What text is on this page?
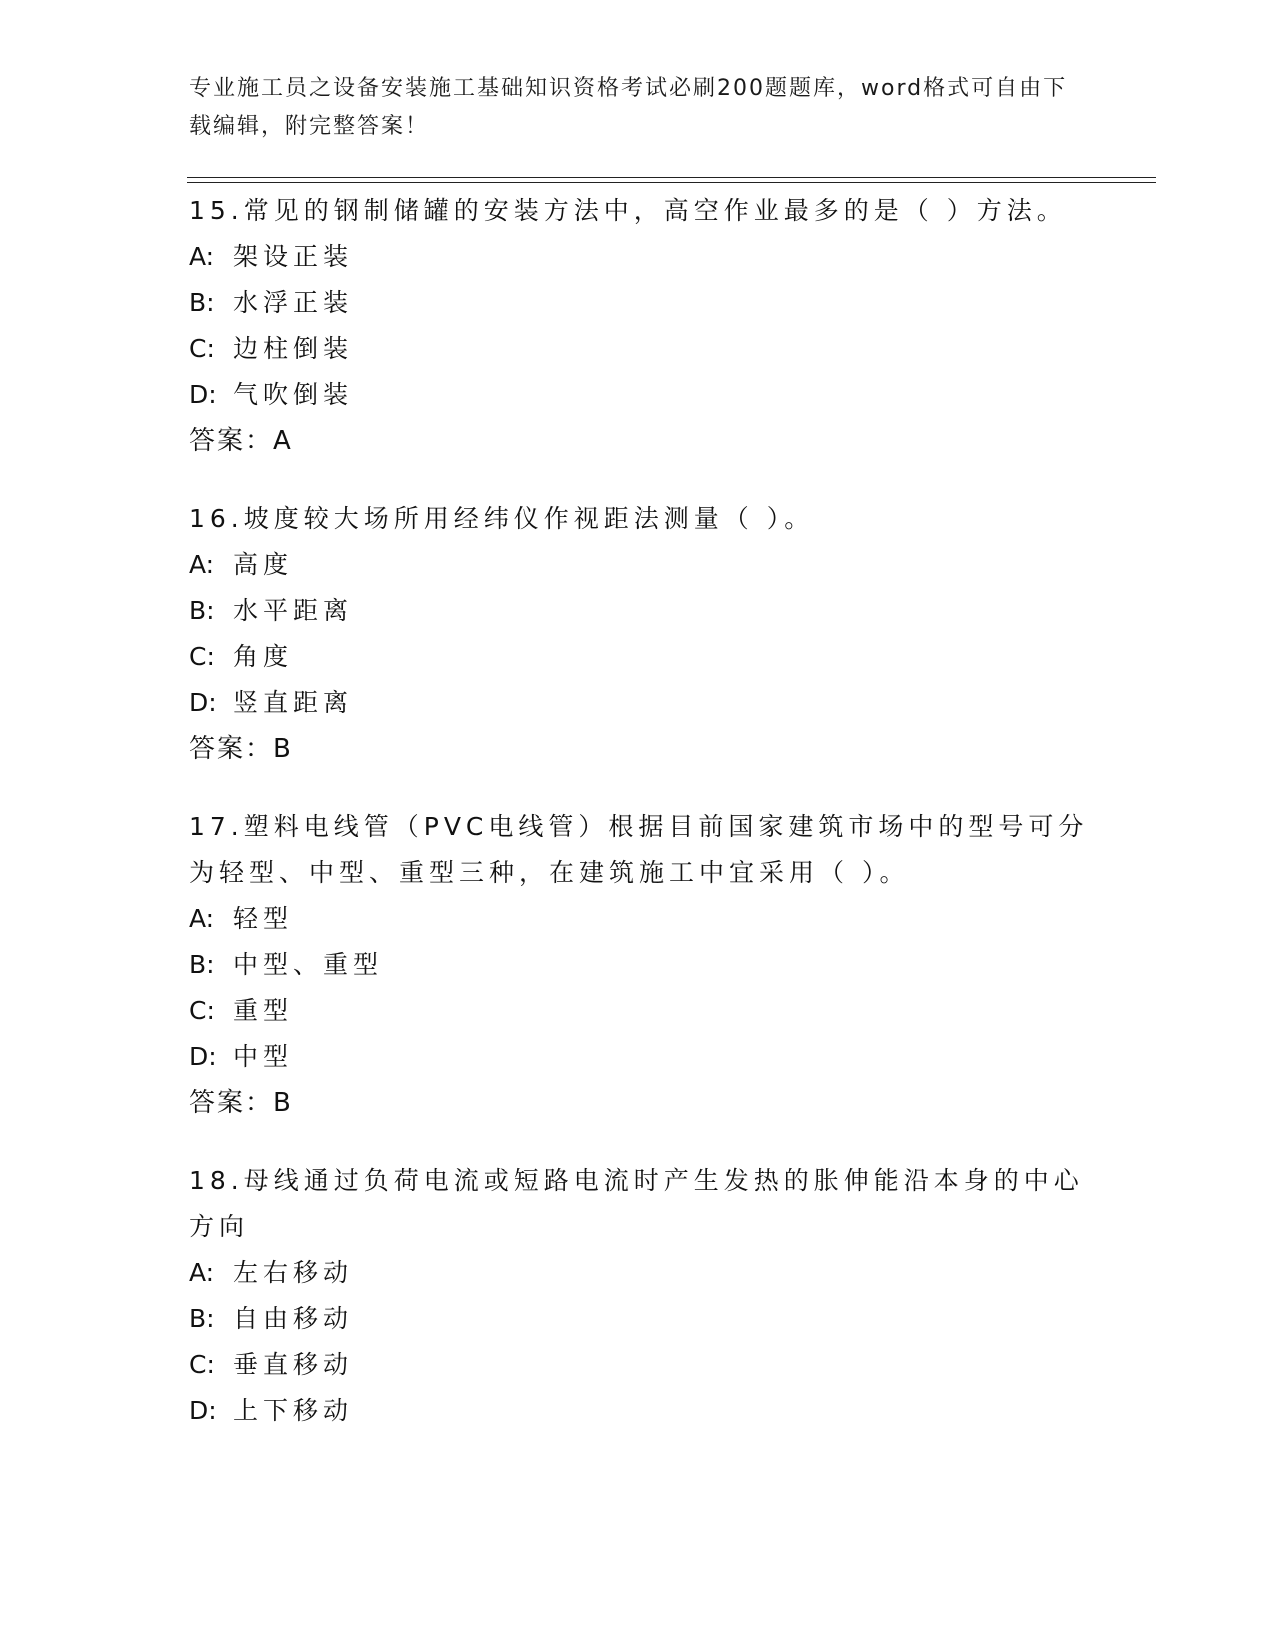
专业施工员之设备安装施工基础知识资格考试必刷200题题库，word格式可自由下载编辑，附完整答案！
15.常见的钢制储罐的安装方法中，高空作业最多的是（ ）方法。
A: 架设正装
B: 水浮正装
C: 边柱倒装
D: 气吹倒装
答案： A
16.坡度较大场所用经纬仪作视距法测量（ ）。
A: 高度
B: 水平距离
C: 角度
D: 竖直距离
答案： B
17.塑料电线管（PVC电线管）根据目前国家建筑市场中的型号可分为轻型、中型、重型三种，在建筑施工中宜采用（ ）。
A: 轻型
B: 中型、重型
C: 重型
D: 中型
答案： B
18.母线通过负荷电流或短路电流时产生发热的胀伸能沿本身的中心方向
A: 左右移动
B: 自由移动
C: 垂直移动
D: 上下移动
